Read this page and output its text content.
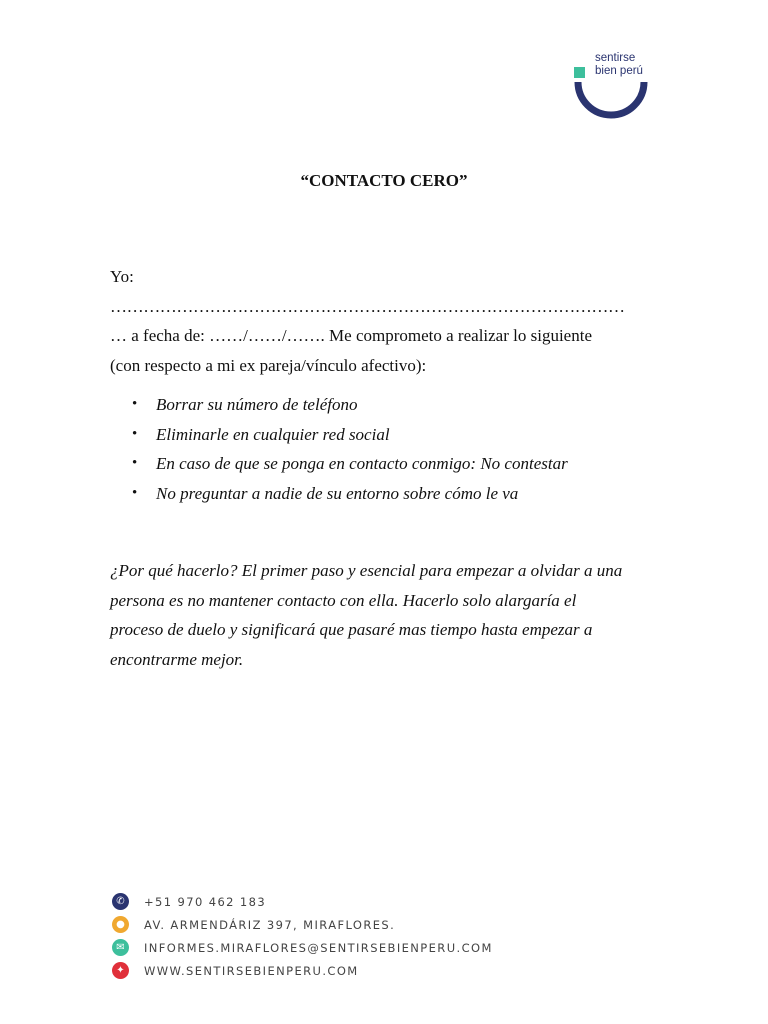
sentirse
bien perú
“CONTACTO CERO”
Yo:
…………………………………………………………………………………
… a fecha de: ……/……/……. Me comprometo a realizar lo siguiente
(con respecto a mi ex pareja/vínculo afectivo):
• Borrar su número de teléfono
• Eliminarle en cualquier red social
• En caso de que se ponga en contacto conmigo: No contestar
• No preguntar a nadie de su entorno sobre cómo le va
¿Por qué hacerlo? El primer paso y esencial para empezar a olvidar a una
persona es no mantener contacto con ella. Hacerlo solo alargaría el
proceso de duelo y significará que pasaré mas tiempo hasta empezar a
encontrarme mejor.
✆	+51 970 462 183
●	AV. ARMENDÁRIZ 397, MIRAFLORES.
✉	INFORMES.MIRAFLORES@SENTIRSEBIENPERU.COM
✦	WWW.SENTIRSEBIENPERU.COM
